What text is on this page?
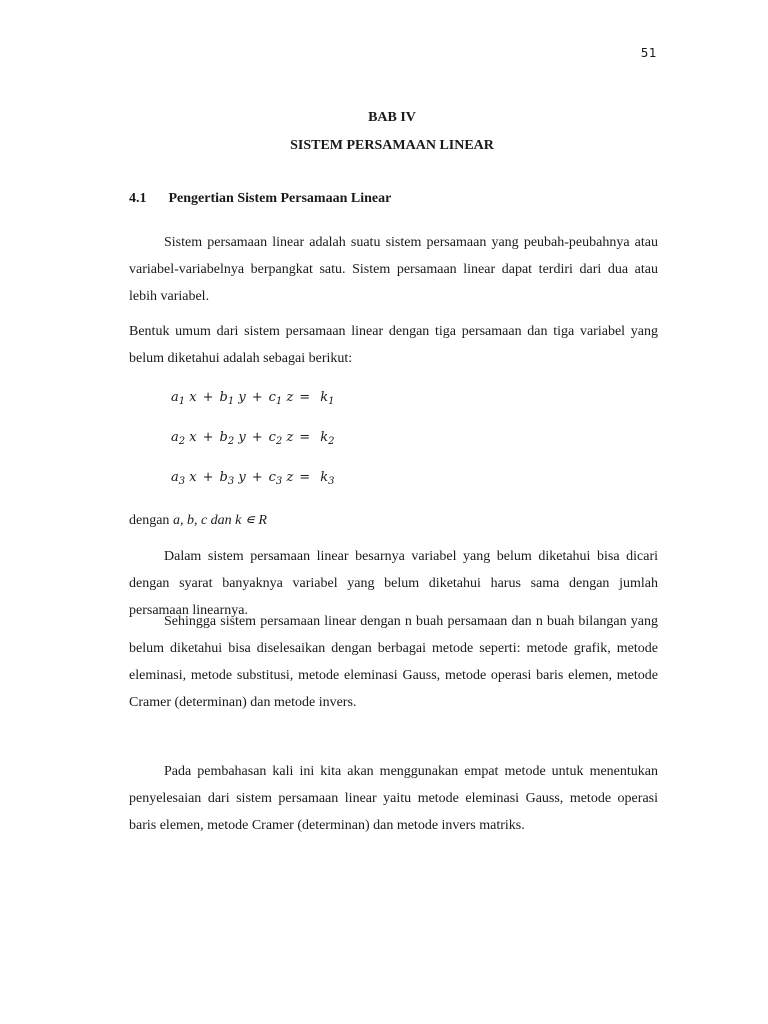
51
BAB IV
SISTEM PERSAMAAN LINEAR
4.1 Pengertian Sistem Persamaan Linear

Sistem persamaan linear adalah suatu sistem persamaan yang peubah-peubahnya atau variabel-variabelnya berpangkat satu. Sistem persamaan linear dapat terdiri dari dua atau lebih variabel.

Bentuk umum dari sistem persamaan linear dengan tiga persamaan dan tiga variabel yang belum diketahui adalah sebagai berikut:

$a_1$ $x + b_1$ $y + c_1$ $z = k_1$
$a_2$ $x + b_2$ $y + c_2$ $z = k_2$
$a_3$ $x + b_3$ $y + c_3$ $z = k_3$

dengan a, b, c dan k ∊ R

Dalam sistem persamaan linear besarnya variabel yang belum diketahui bisa dicari dengan syarat banyaknya variabel yang belum diketahui harus sama dengan jumlah persamaan linearnya.

Sehingga sistem persamaan linear dengan n buah persamaan dan n buah bilangan yang belum diketahui bisa diselesaikan dengan berbagai metode seperti: metode grafik, metode eleminasi, metode substitusi, metode eleminasi Gauss, metode operasi baris elemen, metode Cramer (determinan) dan metode invers.

Pada pembahasan kali ini kita akan menggunakan empat metode untuk menentukan penyelesaian dari sistem persamaan linear yaitu metode eleminasi Gauss, metode operasi baris elemen, metode Cramer (determinan) dan metode invers matriks.
